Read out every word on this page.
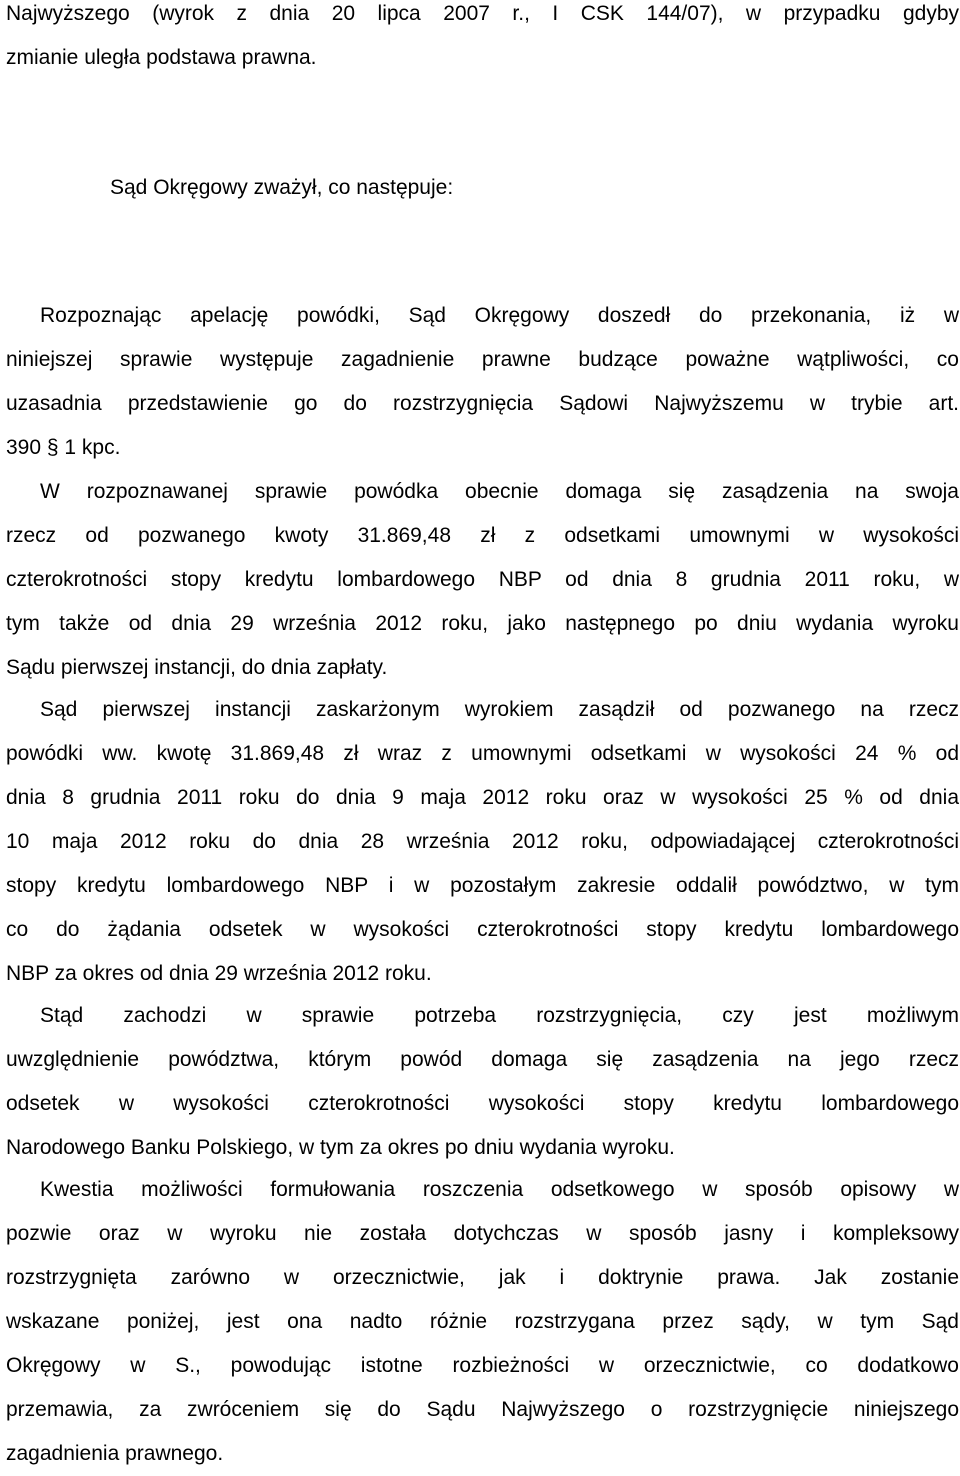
Najwyższego (wyrok z dnia 20 lipca 2007 r., I CSK 144/07), w przypadku gdyby
zmianie uległa podstawa prawna.
Sąd Okręgowy zważył, co następuje:
Rozpoznając apelację powódki, Sąd Okręgowy doszedł do przekonania, iż w
niniejszej sprawie występuje zagadnienie prawne budzące poważne wątpliwości, co
uzasadnia przedstawienie go do rozstrzygnięcia Sądowi Najwyższemu w trybie art.
390 § 1 kpc.
W rozpoznawanej sprawie powódka obecnie domaga się zasądzenia na swoja
rzecz od pozwanego kwoty 31.869,48 zł z odsetkami umownymi w wysokości
czterokrotności stopy kredytu lombardowego NBP od dnia 8 grudnia 2011 roku, w
tym także od dnia 29 września 2012 roku, jako następnego po dniu wydania wyroku
Sądu pierwszej instancji, do dnia zapłaty.
Sąd pierwszej instancji zaskarżonym wyrokiem zasądził od pozwanego na rzecz
powódki ww. kwotę 31.869,48 zł wraz z umownymi odsetkami w wysokości 24 % od
dnia 8 grudnia 2011 roku do dnia 9 maja 2012 roku oraz w wysokości 25 % od dnia
10 maja 2012 roku do dnia 28 września 2012 roku, odpowiadającej czterokrotności
stopy kredytu lombardowego NBP i w pozostałym zakresie oddalił powództwo, w tym
co do żądania odsetek w wysokości czterokrotności stopy kredytu lombardowego
NBP za okres od dnia 29 września 2012 roku.
Stąd zachodzi w sprawie potrzeba rozstrzygnięcia, czy jest możliwym
uwzględnienie powództwa, którym powód domaga się zasądzenia na jego rzecz
odsetek w wysokości czterokrotności wysokości stopy kredytu lombardowego
Narodowego Banku Polskiego, w tym za okres po dniu wydania wyroku.
Kwestia możliwości formułowania roszczenia odsetkowego w sposób opisowy w
pozwie oraz w wyroku nie została dotychczas w sposób jasny i kompleksowy
rozstrzygnięta zarówno w orzecznictwie, jak i doktrynie prawa. Jak zostanie
wskazane poniżej, jest ona nadto różnie rozstrzygana przez sądy, w tym Sąd
Okręgowy w S., powodując istotne rozbieżności w orzecznictwie, co dodatkowo
przemawia, za zwróceniem się do Sądu Najwyższego o rozstrzygnięcie niniejszego
zagadnienia prawnego.
